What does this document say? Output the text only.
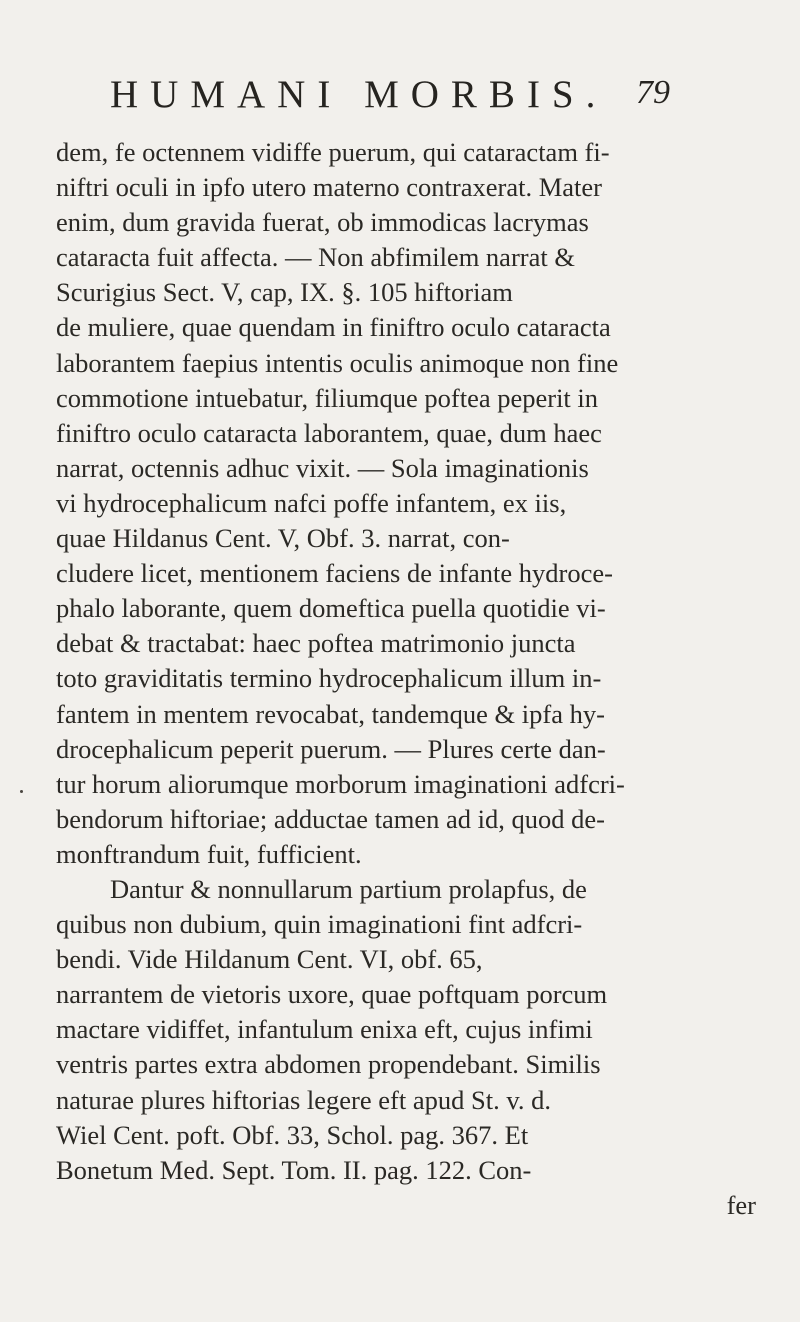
HUMANI MORBIS. 79
dem, fe octennem vidiffe puerum, qui cataractam fi-
niftri oculi in ipfo utero materno contraxerat. Mater
enim, dum gravida fuerat, ob immodicas lacrymas
cataracta fuit affecta. — Non abfimilem narrat &
Scurigius Sect. V, cap, IX. §. 105 hiftoriam
de muliere, quae quendam in finiftro oculo cataracta
laborantem faepius intentis oculis animoque non fine
commotione intuebatur, filiumque poftea peperit in
finiftro oculo cataracta laborantem, quae, dum haec
narrat, octennis adhuc vixit. — Sola imaginationis
vi hydrocephalicum nafci poffe infantem, ex iis,
quae Hildanus Cent. V, Obf. 3. narrat, con-
cludere licet, mentionem faciens de infante hydroce-
phalo laborante, quem domeftica puella quotidie vi-
debat & tractabat: haec poftea matrimonio juncta
toto graviditatis termino hydrocephalicum illum in-
fantem in mentem revocabat, tandemque & ipfa hy-
drocephalicum peperit puerum. — Plures certe dan-
tur horum aliorumque morborum imaginationi adfcri-
bendorum hiftoriae; adductae tamen ad id, quod de-
monftrandum fuit, fufficient.
Dantur & nonnullarum partium prolapfus, de
quibus non dubium, quin imaginationi fint adfcri-
bendi. Vide Hildanum Cent. VI, obf. 65,
narrantem de vietoris uxore, quae poftquam porcum
mactare vidiffet, infantulum enixa eft, cujus infimi
ventris partes extra abdomen propendebant. Similis
naturae plures hiftorias legere eft apud St. v. d.
Wiel Cent. poft. Obf. 33, Schol. pag. 367. Et
Bonetum Med. Sept. Tom. II. pag. 122. Con-
fer
